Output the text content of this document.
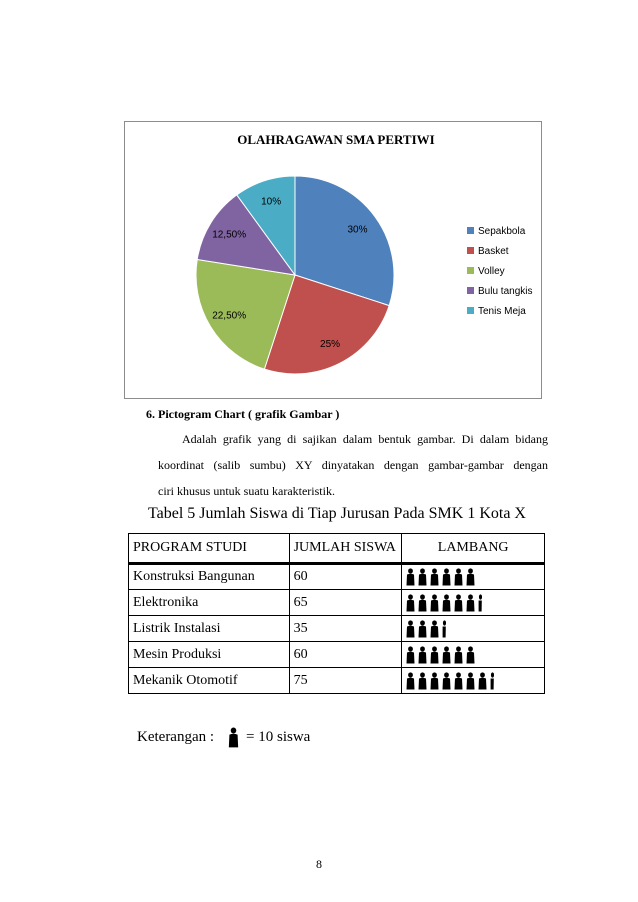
OLAHRAGAWAN SMA PERTIWI
30%
25%
22,50%
12,50%
10%
Sepakbola
Basket
Volley
Bulu tangkis
Tenis Meja
6. Pictogram Chart ( grafik Gambar )
Adalah grafik yang di sajikan dalam bentuk gambar. Di dalam bidang
koordinat (salib sumbu) XY dinyatakan dengan gambar-gambar dengan
ciri khusus untuk suatu karakteristik.
Tabel 5 Jumlah Siswa di Tiap Jurusan Pada SMK 1 Kota X
PROGRAM STUDI	JUMLAH SISWA	LAMBANG
Konstruksi Bangunan	60	
Elektronika	65	
Listrik Instalasi	35	
Mesin Produksi	60	
Mekanik Otomotif	75	
Keterangan : = 10 siswa
8
